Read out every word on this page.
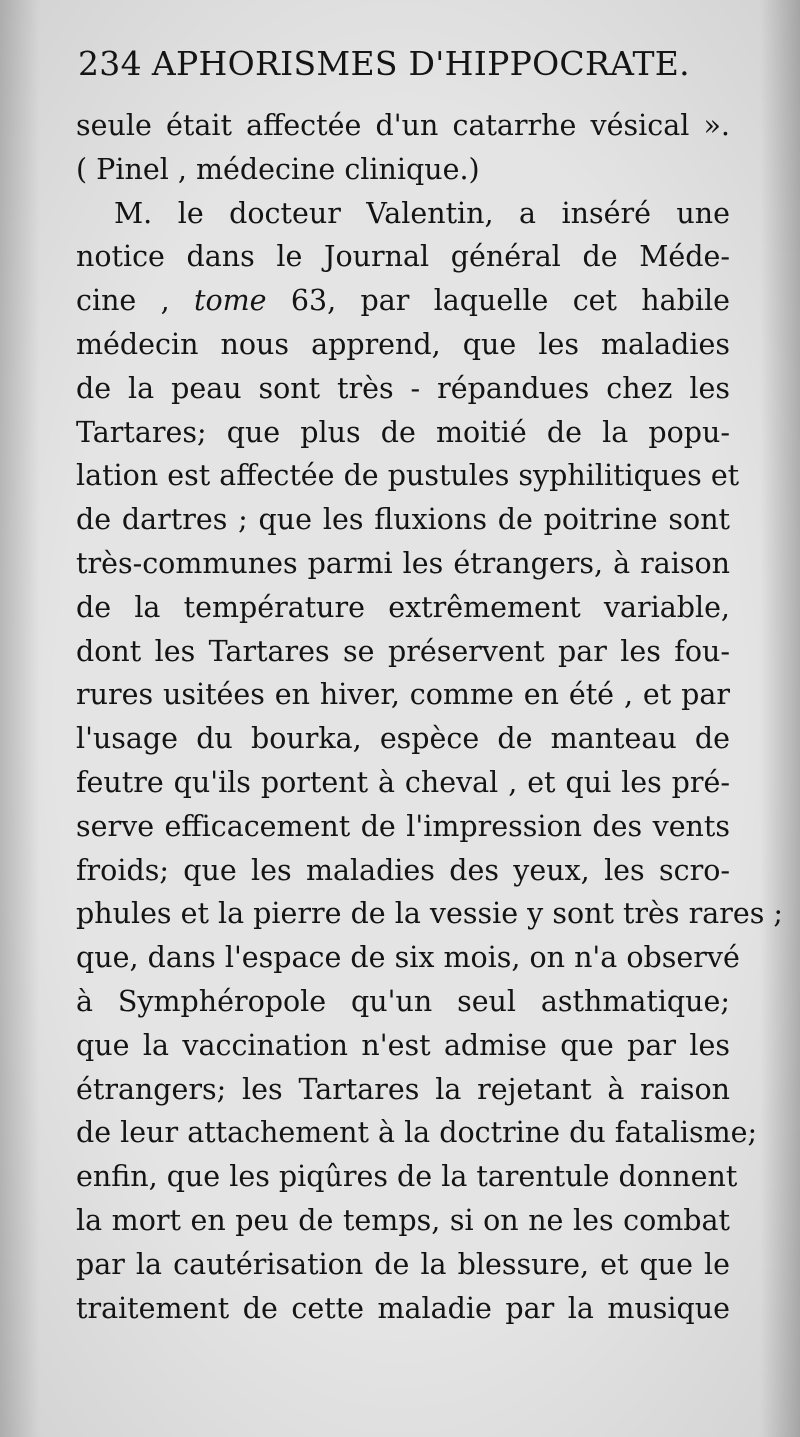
234 APHORISMES D'HIPPOCRATE.
seule était affectée d'un catarrhe vésical ».
( Pinel , médecine clinique.)
M. le docteur Valentin, a inséré une
notice dans le Journal général de Méde-
cine , tome 63, par laquelle cet habile
médecin nous apprend, que les maladies
de la peau sont très - répandues chez les
Tartares; que plus de moitié de la popu-
lation est affectée de pustules syphilitiques et
de dartres ; que les fluxions de poitrine sont
très-communes parmi les étrangers, à raison
de la température extrêmement variable,
dont les Tartares se préservent par les fou-
rures usitées en hiver, comme en été , et par
l'usage du bourka, espèce de manteau de
feutre qu'ils portent à cheval , et qui les pré-
serve efficacement de l'impression des vents
froids; que les maladies des yeux, les scro-
phules et la pierre de la vessie y sont très rares ;
que, dans l'espace de six mois, on n'a observé
à Symphéropole qu'un seul asthmatique;
que la vaccination n'est admise que par les
étrangers; les Tartares la rejetant à raison
de leur attachement à la doctrine du fatalisme;
enfin, que les piqûres de la tarentule donnent
la mort en peu de temps, si on ne les combat
par la cautérisation de la blessure, et que le
traitement de cette maladie par la musique
